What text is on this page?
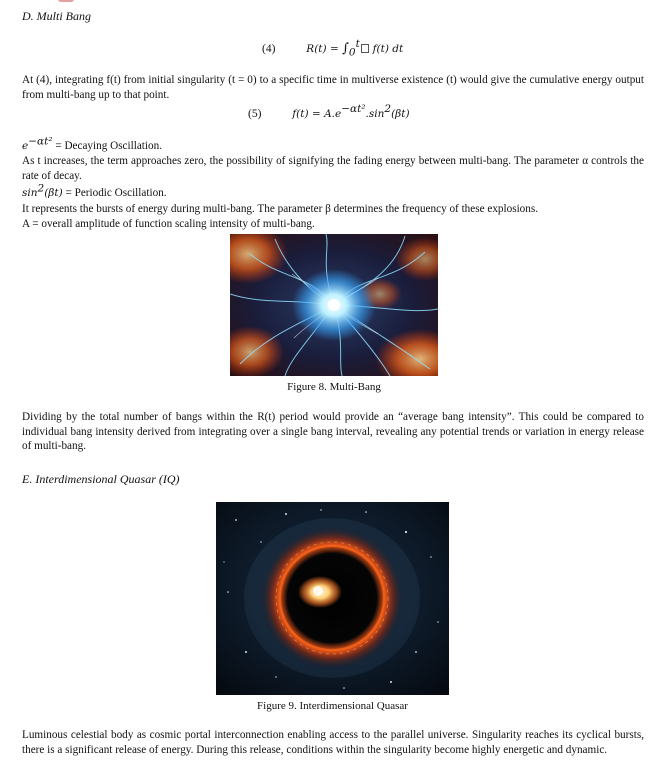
D. Multi Bang
(4)	$R(t) = \int_0^t$ f(t) dt

At (4), integrating f(t) from initial singularity (t = 0) to a specific time in multiverse existence (t) would give the cumulative energy output from multi-bang up to that point.

(5)	$f(t) = A.e^{-\alpha t^2}.\sin^2(\beta t)$
$e^{-\alpha t^2}$ = Decaying Oscillation.

As t increases, the term approaches zero, the possibility of signifying the fading energy between multi-bang. The parameter α controls the rate of decay.

$\sin^2(\beta t)$ = Periodic Oscillation.
It represents the bursts of energy during multi-bang. The parameter β determines the frequency of these explosions.
A = overall amplitude of function scaling intensity of multi-bang.
Figure 8. Multi-Bang

Dividing by the total number of bangs within the R(t) period would provide an “average bang intensity”. This could be compared to individual bang intensity derived from integrating over a single bang interval, revealing any potential trends or variation in energy release of multi-bang.

E. Interdimensional Quasar (IQ)
Figure 9. Interdimensional Quasar

Luminous celestial body as cosmic portal interconnection enabling access to the parallel universe. Singularity reaches its cyclical bursts, there is a significant release of energy. During this release, conditions within the singularity become highly energetic and dynamic.
